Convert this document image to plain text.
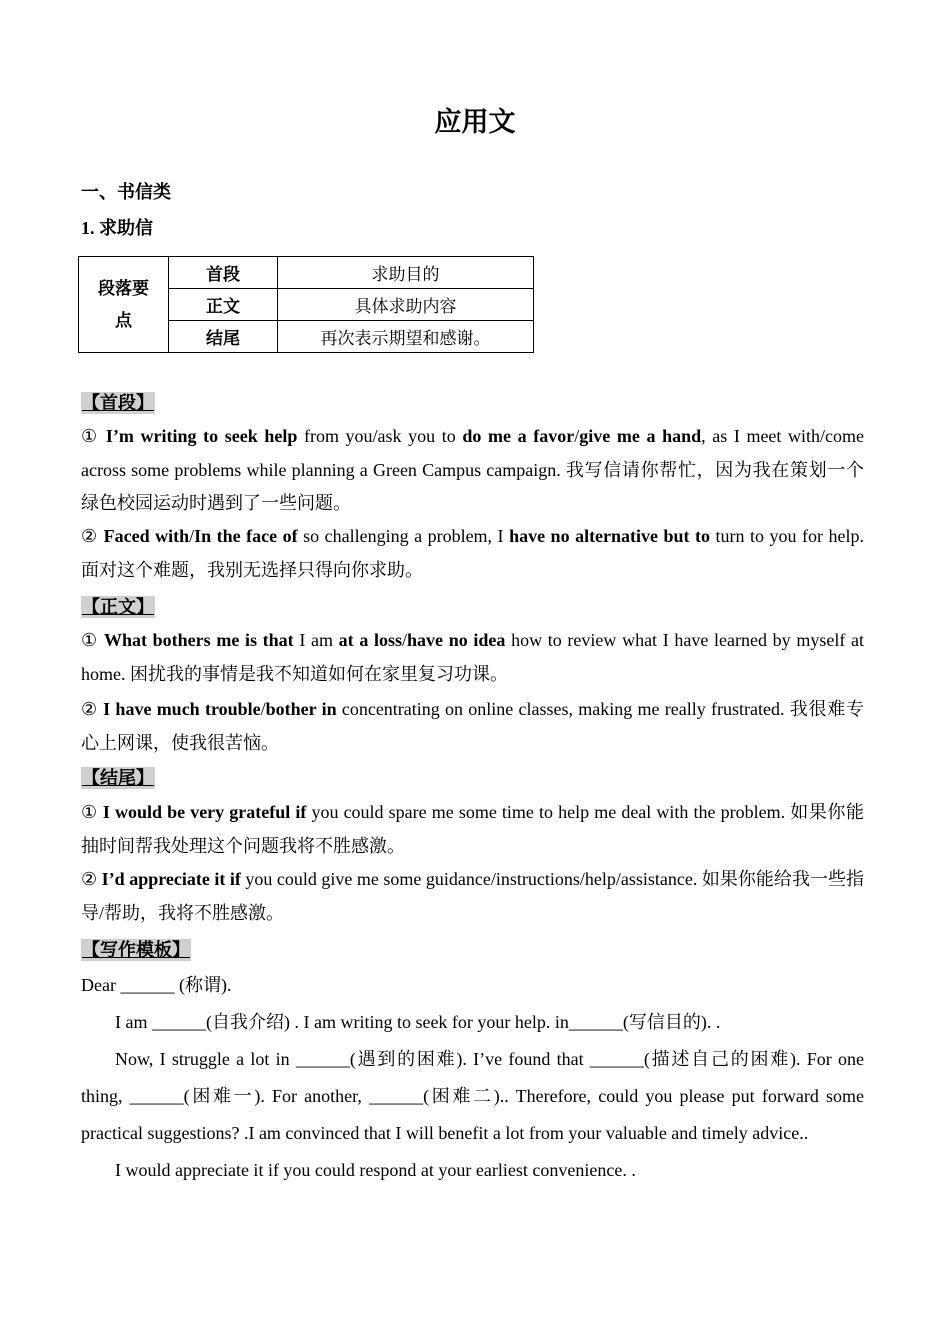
应用文
一、书信类
1. 求助信
段落要点	首段	求助目的
	正文	具体求助内容
	结尾	再次表示期望和感谢。
【首段】
① I’m writing to seek help from you/ask you to do me a favor/give me a hand, as I meet with/come across some problems while planning a Green Campus campaign. 我写信请你帮忙，因为我在策划一个绿色校园运动时遇到了一些问题。
② Faced with/In the face of so challenging a problem, I have no alternative but to turn to you for help. 面对这个难题，我别无选择只得向你求助。
【正文】
① What bothers me is that I am at a loss/have no idea how to review what I have learned by myself at home. 困扰我的事情是我不知道如何在家里复习功课。
② I have much trouble/bother in concentrating on online classes, making me really frustrated. 我很难专心上网课，使我很苦恼。
【结尾】
① I would be very grateful if you could spare me some time to help me deal with the problem. 如果你能抽时间帮我处理这个问题我将不胜感激。
② I’d appreciate it if you could give me some guidance/instructions/help/assistance. 如果你能给我一些指导/帮助，我将不胜感激。
【写作模板】

Dear ______ (称谓).

I am ______(自我介绍) . I am writing to seek for your help. in______(写信目的). .

Now, I struggle a lot in ______(遇到的困难). I’ve found that ______(描述自己的困难). For one thing, ______(困难一). For another, ______(困难二).. Therefore, could you please put forward some practical suggestions? .I am convinced that I will benefit a lot from your valuable and timely advice..

I would appreciate it if you could respond at your earliest convenience. .
